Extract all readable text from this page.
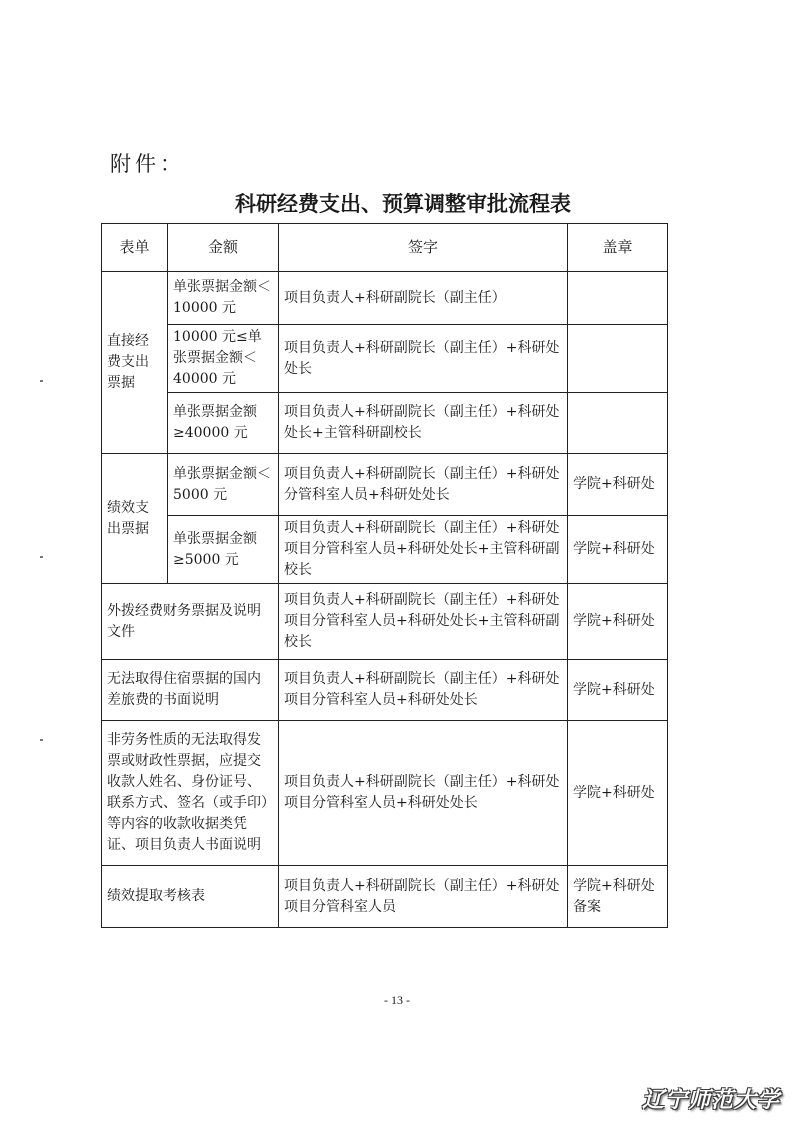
附件：
科研经费支出、预算调整审批流程表
表单	金额	签字	盖章
直接经费支出票据	单张票据金额＜10000 元	项目负责人+科研副院长（副主任）	
	10000 元≤单张票据金额＜40000 元	项目负责人+科研副院长（副主任）+科研处处长	
	单张票据金额≥40000 元	项目负责人+科研副院长（副主任）+科研处处长+主管科研副校长	
绩效支出票据	单张票据金额＜5000 元	项目负责人+科研副院长（副主任）+科研处分管科室人员+科研处处长	学院+科研处
	单张票据金额≥5000 元	项目负责人+科研副院长（副主任）+科研处项目分管科室人员+科研处处长+主管科研副校长	学院+科研处
外拨经费财务票据及说明文件		项目负责人+科研副院长（副主任）+科研处项目分管科室人员+科研处处长+主管科研副校长	学院+科研处
无法取得住宿票据的国内差旅费的书面说明		项目负责人+科研副院长（副主任）+科研处项目分管科室人员+科研处处长	学院+科研处
非劳务性质的无法取得发票或财政性票据，应提交收款人姓名、身份证号、联系方式、签名（或手印）等内容的收款收据类凭证、项目负责人书面说明		项目负责人+科研副院长（副主任）+科研处项目分管科室人员+科研处处长	学院+科研处
绩效提取考核表		项目负责人+科研副院长（副主任）+科研处项目分管科室人员	学院+科研处备案
- 13 -
辽宁师范大学
